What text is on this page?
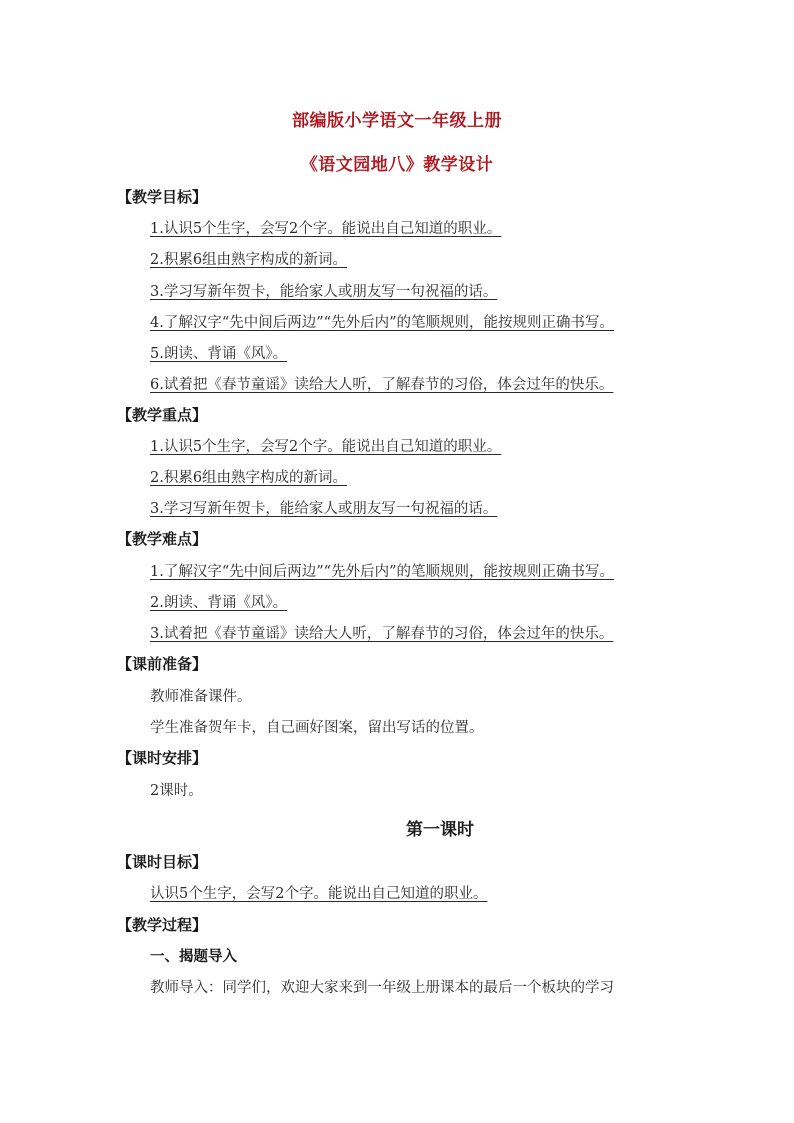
部编版小学语文一年级上册
《语文园地八》教学设计
【教学目标】
1.认识5个生字，会写2个字。能说出自己知道的职业。
2.积累6组由熟字构成的新词。
3.学习写新年贺卡，能给家人或朋友写一句祝福的话。
4.了解汉字“先中间后两边”“先外后内”的笔顺规则，能按规则正确书写。
5.朗读、背诵《风》。
6.试着把《春节童谣》读给大人听，了解春节的习俗，体会过年的快乐。
【教学重点】
1.认识5个生字，会写2个字。能说出自己知道的职业。
2.积累6组由熟字构成的新词。
3.学习写新年贺卡，能给家人或朋友写一句祝福的话。
【教学难点】
1.了解汉字“先中间后两边”“先外后内”的笔顺规则，能按规则正确书写。
2.朗读、背诵《风》。
3.试着把《春节童谣》读给大人听，了解春节的习俗，体会过年的快乐。
【课前准备】
教师准备课件。
学生准备贺年卡，自己画好图案，留出写话的位置。
【课时安排】
2课时。
第一课时
【课时目标】
认识5个生字，会写2个字。能说出自己知道的职业。
【教学过程】
一、揭题导入
教师导入：同学们，欢迎大家来到一年级上册课本的最后一个板块的学习
